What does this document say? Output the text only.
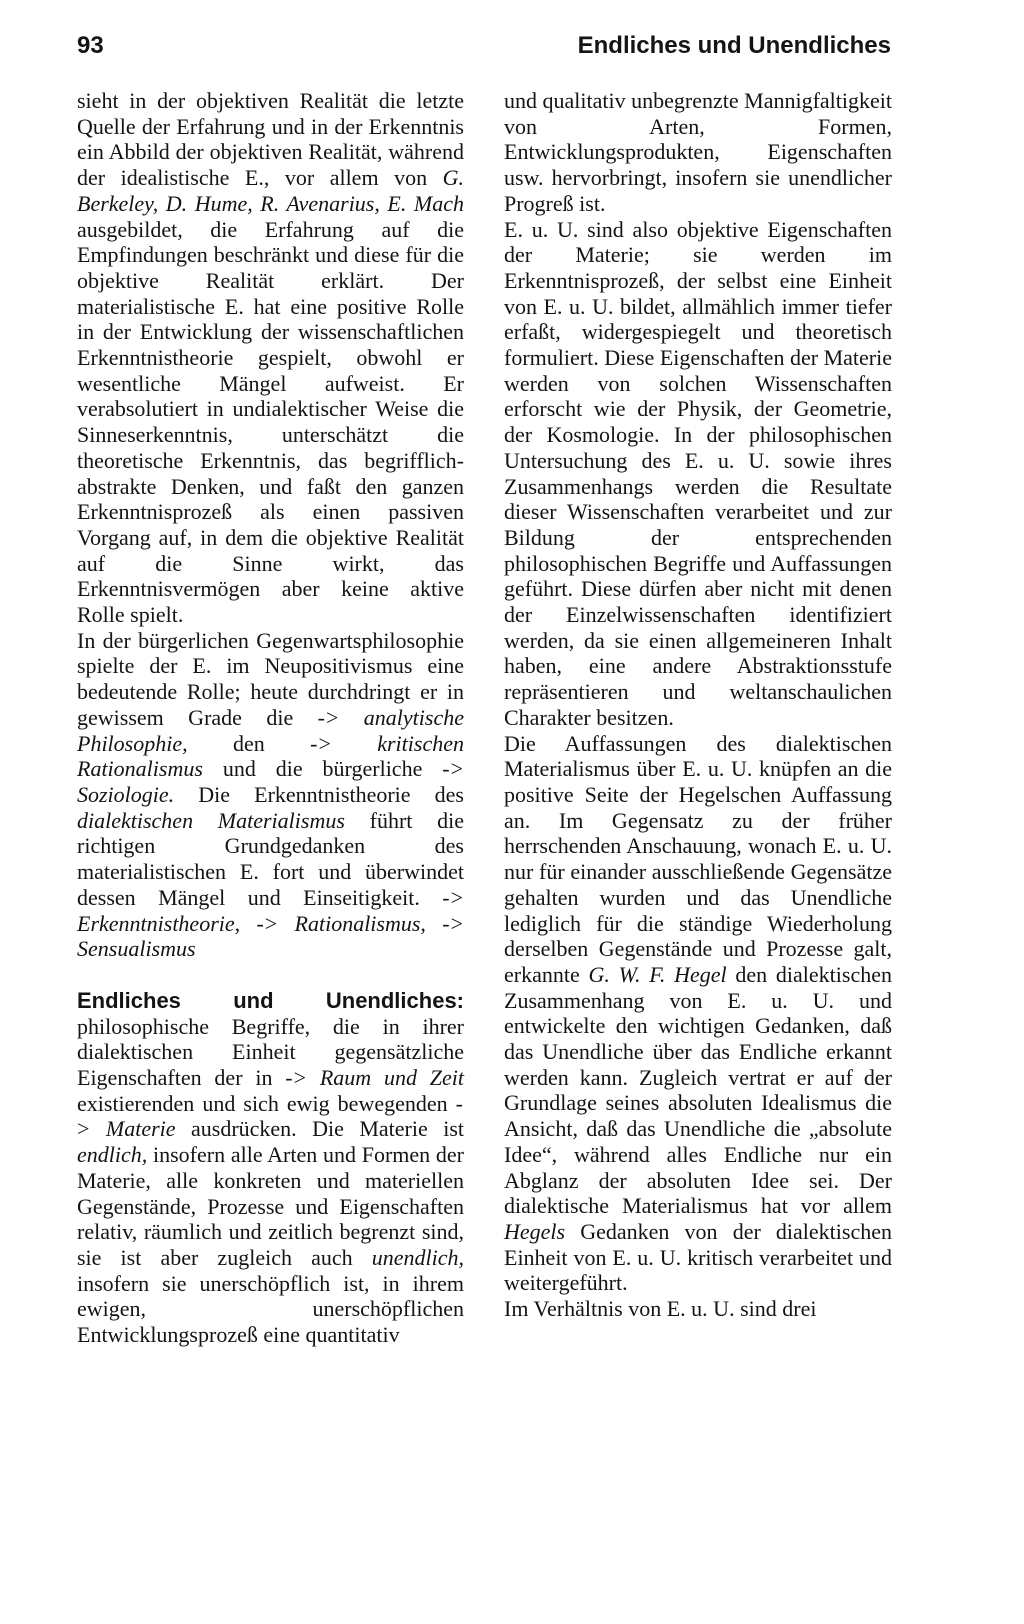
93	Endliches und Unendliches

sieht in der objektiven Realität die letzte Quelle der Erfahrung und in der Erkenntnis ein Abbild der objektiven Realität, während der idealistische E., vor allem von G. Berkeley, D. Hume, R. Avenarius, E. Mach ausgebildet, die Erfahrung auf die Empfindungen beschränkt und diese für die objektive Realität erklärt. Der materialistische E. hat eine positive Rolle in der Entwicklung der wissenschaftlichen Erkenntnistheorie gespielt, obwohl er wesentliche Mängel aufweist. Er verabsolutiert in undialektischer Weise die Sinneserkenntnis, unterschätzt die theoretische Erkenntnis, das begrifflich-abstrakte Denken, und faßt den ganzen Erkenntnisprozeß als einen passiven Vorgang auf, in dem die objektive Realität auf die Sinne wirkt, das Erkenntnisvermögen aber keine aktive Rolle spielt.

In der bürgerlichen Gegenwartsphilosophie spielte der E. im Neupositivismus eine bedeutende Rolle; heute durchdringt er in gewissem Grade die -> analytische Philosophie, den -> kritischen Rationalismus und die bürgerliche -> Soziologie. Die Erkenntnistheorie des dialektischen Materialismus führt die richtigen Grundgedanken des materialistischen E. fort und überwindet dessen Mängel und Einseitigkeit. -> Erkenntnistheorie, -> Rationalismus, -> Sensualismus

Endliches und Unendliches: philosophische Begriffe, die in ihrer dialektischen Einheit gegensätzliche Eigenschaften der in -> Raum und Zeit existierenden und sich ewig bewegenden -> Materie ausdrücken. Die Materie ist endlich, insofern alle Arten und Formen der Materie, alle konkreten und materiellen Gegenstände, Prozesse und Eigenschaften relativ, räumlich und zeitlich begrenzt sind, sie ist aber zugleich auch unendlich, insofern sie unerschöpflich ist, in ihrem ewigen, unerschöpflichen Entwicklungsprozeß eine quantitativ

und qualitativ unbegrenzte Mannigfaltigkeit von Arten, Formen, Entwicklungsprodukten, Eigenschaften usw. hervorbringt, insofern sie unendlicher Progreß ist.

E. u. U. sind also objektive Eigenschaften der Materie; sie werden im Erkenntnisprozeß, der selbst eine Einheit von E. u. U. bildet, allmählich immer tiefer erfaßt, widergespiegelt und theoretisch formuliert. Diese Eigenschaften der Materie werden von solchen Wissenschaften erforscht wie der Physik, der Geometrie, der Kosmologie. In der philosophischen Untersuchung des E. u. U. sowie ihres Zusammenhangs werden die Resultate dieser Wissenschaften verarbeitet und zur Bildung der entsprechenden philosophischen Begriffe und Auffassungen geführt. Diese dürfen aber nicht mit denen der Einzelwissenschaften identifiziert werden, da sie einen allgemeineren Inhalt haben, eine andere Abstraktionsstufe repräsentieren und weltanschaulichen Charakter besitzen.

Die Auffassungen des dialektischen Materialismus über E. u. U. knüpfen an die positive Seite der Hegelschen Auffassung an. Im Gegensatz zu der früher herrschenden Anschauung, wonach E. u. U. nur für einander ausschließende Gegensätze gehalten wurden und das Unendliche lediglich für die ständige Wiederholung derselben Gegenstände und Prozesse galt, erkannte G. W. F. Hegel den dialektischen Zusammenhang von E. u. U. und entwickelte den wichtigen Gedanken, daß das Unendliche über das Endliche erkannt werden kann. Zugleich vertrat er auf der Grundlage seines absoluten Idealismus die Ansicht, daß das Unendliche die „absolute Idee“, während alles Endliche nur ein Abglanz der absoluten Idee sei. Der dialektische Materialismus hat vor allem Hegels Gedanken von der dialektischen Einheit von E. u. U. kritisch verarbeitet und weitergeführt.

Im Verhältnis von E. u. U. sind drei
